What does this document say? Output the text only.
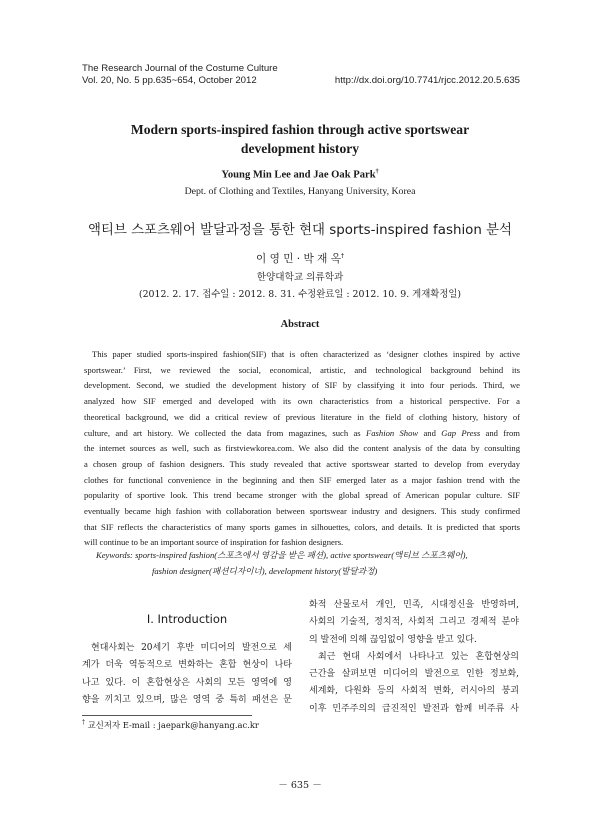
The Research Journal of the Costume Culture
Vol. 20, No. 5 pp.635~654, October 2012	http://dx.doi.org/10.7741/rjcc.2012.20.5.635
Modern sports-inspired fashion through active sportswear
development history
Young Min Lee and Jae Oak Park†
Dept. of Clothing and Textiles, Hanyang University, Korea
액티브 스포츠웨어 발달과정을 통한 현대 sports-inspired fashion 분석
이 영 민 · 박 재 옥†
한양대학교 의류학과
(2012. 2. 17. 접수일 : 2012. 8. 31. 수정완료일 : 2012. 10. 9. 게재확정일)
Abstract
This paper studied sports-inspired fashion(SIF) that is often characterized as ‘designer clothes inspired by active
sportswear.’ First, we reviewed the social, economical, artistic, and technological background behind its
development. Second, we studied the development history of SIF by classifying it into four periods. Third, we
analyzed how SIF emerged and developed with its own characteristics from a historical perspective. For a
theoretical background, we did a critical review of previous literature in the field of clothing history, history of
culture, and art history. We collected the data from magazines, such as Fashion Show and Gap Press and from
the internet sources as well, such as firstviewkorea.com. We also did the content analysis of the data by consulting
a chosen group of fashion designers. This study revealed that active sportswear started to develop from everyday
clothes for functional convenience in the beginning and then SIF emerged later as a major fashion trend with the
popularity of sportive look. This trend became stronger with the global spread of American popular culture. SIF
eventually became high fashion with collaboration between sportswear industry and designers. This study confirmed
that SIF reflects the characteristics of many sports games in silhouettes, colors, and details. It is predicted that sports
will continue to be an important source of inspiration for fashion designers.
Keywords: sports-inspired fashion(스포츠에서 영감을 받은 패션), active sportswear(액티브 스포츠웨어),
fashion designer(패션디자이너), development history(발달과정)
Ⅰ. Introduction
현대사회는 20세기 후반 미디어의 발전으로 세
계가 더욱 역동적으로 변화하는 혼합 현상이 나타
나고 있다. 이 혼합현상은 사회의 모든 영역에 영
향을 끼치고 있으며, 많은 영역 중 특히 패션은 문
† 교신저자 E-mail : jaepark@hanyang.ac.kr
화적 산물로서 개인, 민족, 시대정신을 반영하며,
사회의 기술적, 정치적, 사회적 그리고 경제적 분야
의 발전에 의해 끊임없이 영향을 받고 있다.
최근 현대 사회에서 나타나고 있는 혼합현상의
근간을 살펴보면 미디어의 발전으로 인한 정보화,
세계화, 다원화 등의 사회적 변화, 러시아의 붕괴
이후 민주주의의 급진적인 발전과 함께 비주류 사
－ 635 －
